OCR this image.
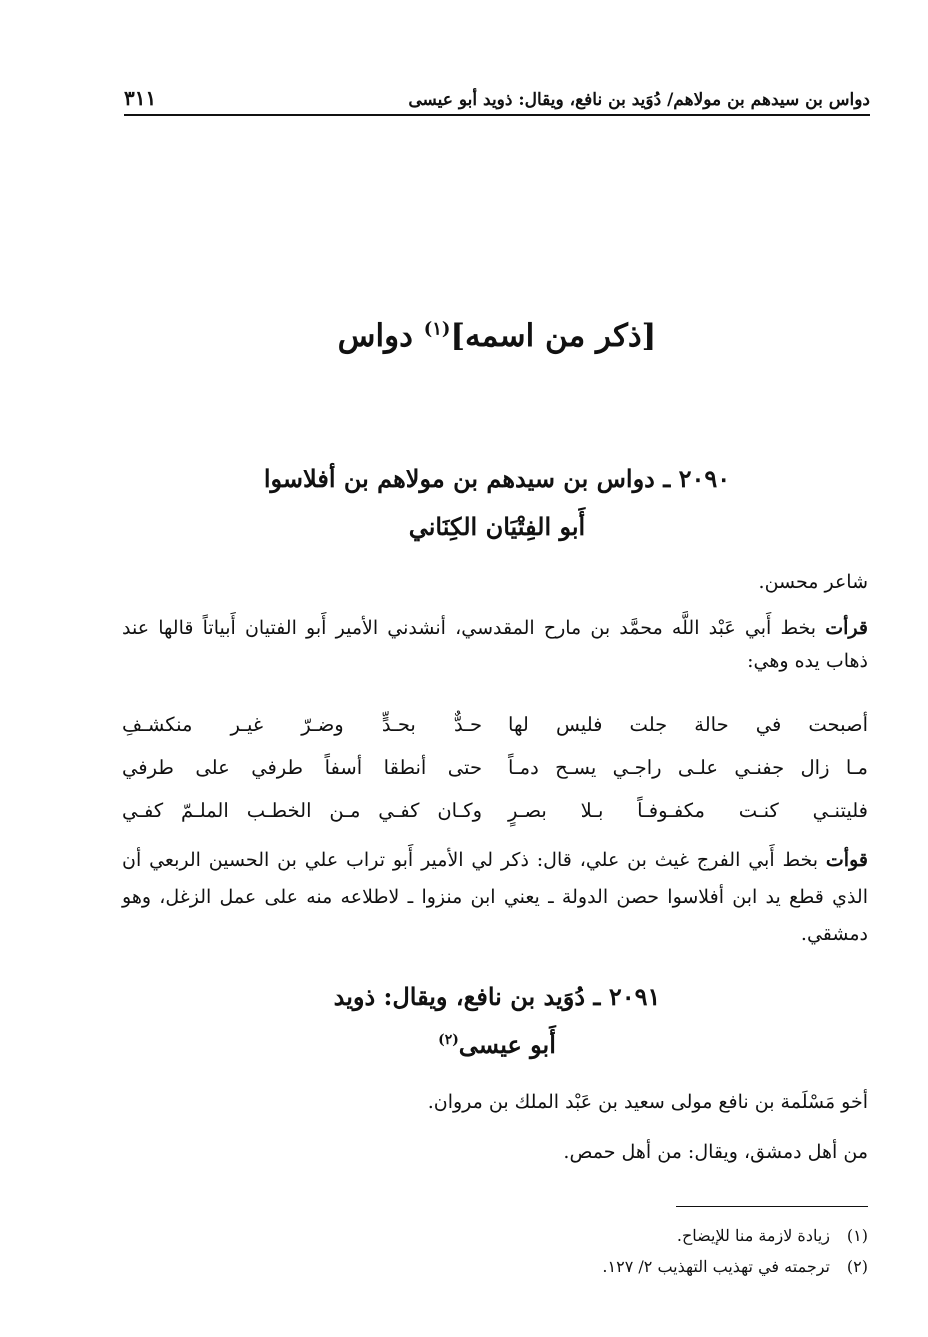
دواس بن سيدهم بن مولاهم/ دُوَيد بن نافع، ويقال: ذويد أبو عيسى
٣١١
[ذكر من اسمه]$^{(١)}$ دواس
٢٠٩٠ ـ دواس بن سيدهم بن مولاهم بن أفلاسوا
أَبو الفِتْيَان الكِنَاني
شاعر محسن.
قرأت بخط أَبي عَبْد اللَّه محمَّد بن مارح المقدسي، أنشدني الأمير أَبو الفتيان أَبياتاً قالها عند ذهاب يده وهي:
أصبحت في حالة جلت فليس لها
حـدٌّ بحـدٍّ وضـرّ غيـر منكشـفِ
مـا زال جفنـي علـى راجـي يسـح دمـاً
حتى أنطقا أسفاً طرفي على طرفي
فليتنـي كنـت مكفـوفـاً بـلا بصـرٍ
وكـان كفـي مـن الخطـب الملـمّ كفـي
قوأت بخط أَبي الفرج غيث بن علي، قال: ذكر لي الأمير أَبو تراب علي بن الحسين الربعي أن الذي قطع يد ابن أفلاسوا حصن الدولة ـ يعني ابن منزوا ـ لاطلاعه منه على عمل الزغل، وهو دمشقي.
٢٠٩١ ـ دُوَيد بن نافع، ويقال: ذويد
أَبو عيسى$^{(٢)}$
أخو مَسْلَمة بن نافع مولى سعيد بن عَبْد الملك بن مروان.
من أهل دمشق، ويقال: من أهل حمص.
(١)زيادة لازمة منا للإيضاح.
(٢)ترجمته في تهذيب التهذيب ٢/ ١٢٧.
